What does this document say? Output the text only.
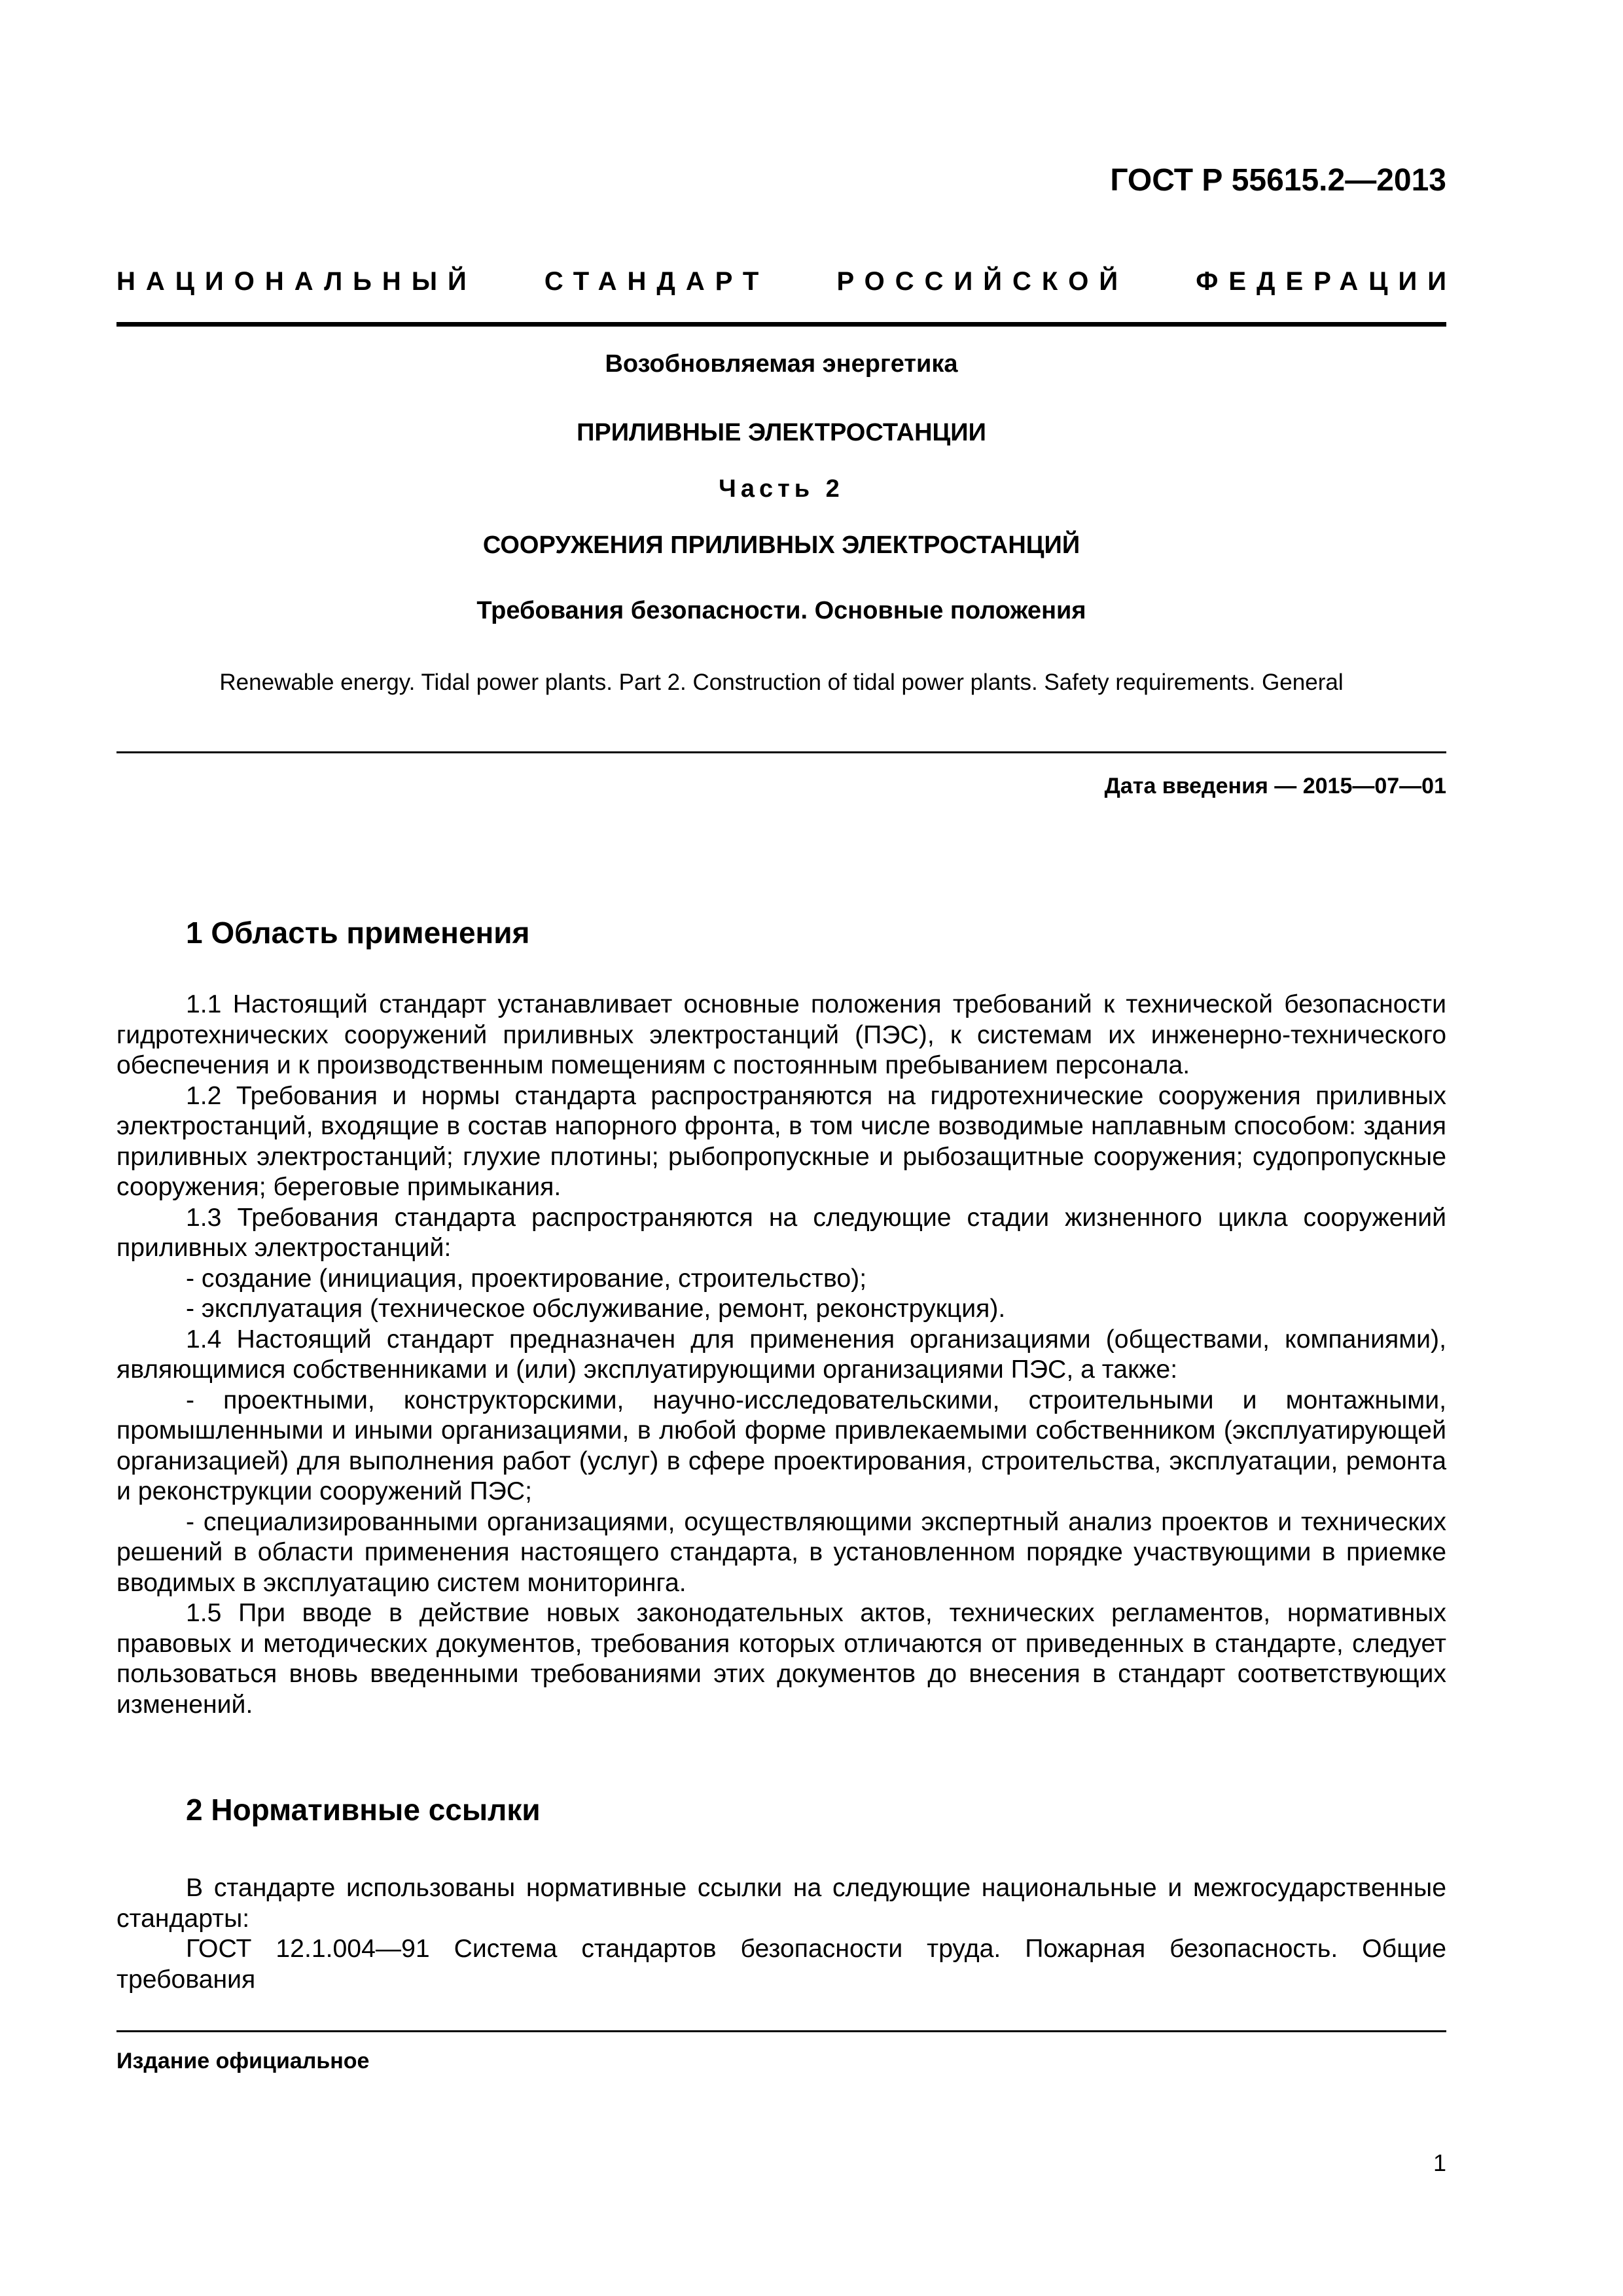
ГОСТ Р 55615.2—2013
НАЦИОНАЛЬНЫЙ	СТАНДАРТ	РОССИЙСКОЙ	ФЕДЕРАЦИИ
Возобновляемая энергетика
ПРИЛИВНЫЕ ЭЛЕКТРОСТАНЦИИ
Часть 2
СООРУЖЕНИЯ ПРИЛИВНЫХ ЭЛЕКТРОСТАНЦИЙ
Требования безопасности. Основные положения
Renewable energy. Tidal power plants. Part 2. Construction of tidal power plants. Safety requirements. General
Дата введения — 2015—07—01
1 Область применения

1.1 Настоящий стандарт устанавливает основные положения требований к технической безопасности гидротехнических сооружений приливных электростанций (ПЭС), к системам их инженерно-технического обеспечения и к производственным помещениям с постоянным пребыванием персонала.

1.2 Требования и нормы стандарта распространяются на гидротехнические сооружения приливных электростанций, входящие в состав напорного фронта, в том числе возводимые наплавным способом: здания приливных электростанций; глухие плотины; рыбопропускные и рыбозащитные сооружения; судопропускные сооружения; береговые примыкания.

1.3 Требования стандарта распространяются на следующие стадии жизненного цикла сооружений приливных электростанций:

- создание (инициация, проектирование, строительство);

- эксплуатация (техническое обслуживание, ремонт, реконструкция).

1.4 Настоящий стандарт предназначен для применения организациями (обществами, компаниями), являющимися собственниками и (или) эксплуатирующими организациями ПЭС, а также:

- проектными, конструкторскими, научно-исследовательскими, строительными и монтажными, промышленными и иными организациями, в любой форме привлекаемыми собственником (эксплуатирующей организацией) для выполнения работ (услуг) в сфере проектирования, строительства, эксплуатации, ремонта и реконструкции сооружений ПЭС;

- специализированными организациями, осуществляющими экспертный анализ проектов и технических решений в области применения настоящего стандарта, в установленном порядке участвующими в приемке вводимых в эксплуатацию систем мониторинга.

1.5 При вводе в действие новых законодательных актов, технических регламентов, нормативных правовых и методических документов, требования которых отличаются от приведенных в стандарте, следует пользоваться вновь введенными требованиями этих документов до внесения в стандарт соответствующих изменений.

2 Нормативные ссылки

В стандарте использованы нормативные ссылки на следующие национальные и межгосударственные стандарты:

ГОСТ 12.1.004—91 Система стандартов безопасности труда. Пожарная безопасность. Общие требования

Издание официальное
1
